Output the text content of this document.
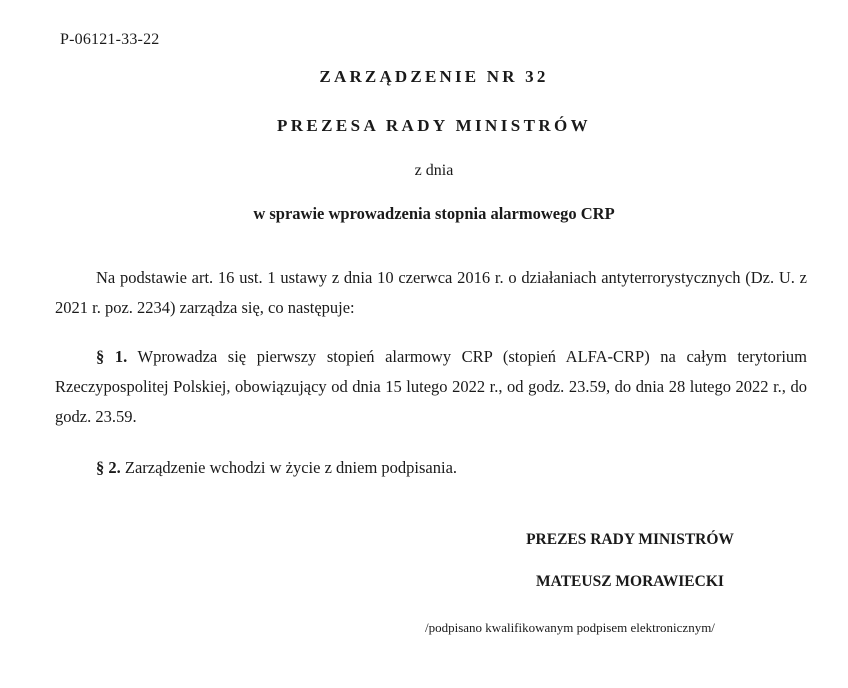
P-06121-33-22
ZARZĄDZENIE NR 32
PREZESA RADY MINISTRÓW
z dnia
w sprawie wprowadzenia stopnia alarmowego CRP
Na podstawie art. 16 ust. 1 ustawy z dnia 10 czerwca 2016 r. o działaniach antyterrorystycznych (Dz. U. z 2021 r. poz. 2234) zarządza się, co następuje:
§ 1. Wprowadza się pierwszy stopień alarmowy CRP (stopień ALFA-CRP) na całym terytorium Rzeczypospolitej Polskiej, obowiązujący od dnia 15 lutego 2022 r., od godz. 23.59, do dnia 28 lutego 2022 r., do godz. 23.59.
§ 2. Zarządzenie wchodzi w życie z dniem podpisania.
PREZES RADY MINISTRÓW
MATEUSZ MORAWIECKI
/podpisano kwalifikowanym podpisem elektronicznym/
